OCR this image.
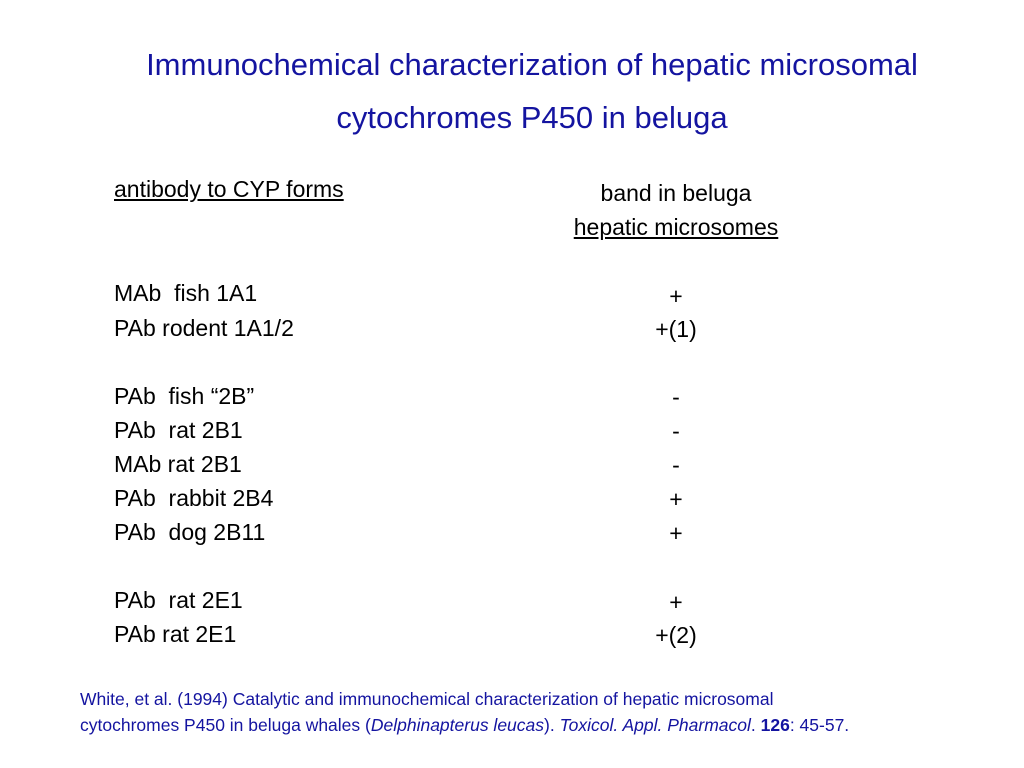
Immunochemical characterization of hepatic microsomal
cytochromes P450 in beluga
antibody to CYP forms	band in beluga
hepatic microsomes
MAb  fish 1A1	+
PAb rodent 1A1/2	+(1)
PAb  fish “2B”	-
PAb  rat 2B1	-
MAb rat 2B1	-
PAb  rabbit 2B4	+
PAb  dog 2B11	+
PAb  rat 2E1	+
PAb rat 2E1	+(2)
White, et al. (1994) Catalytic and immunochemical characterization of hepatic microsomal
cytochromes P450 in beluga whales (Delphinapterus leucas). Toxicol. Appl. Pharmacol. 126: 45-57.
